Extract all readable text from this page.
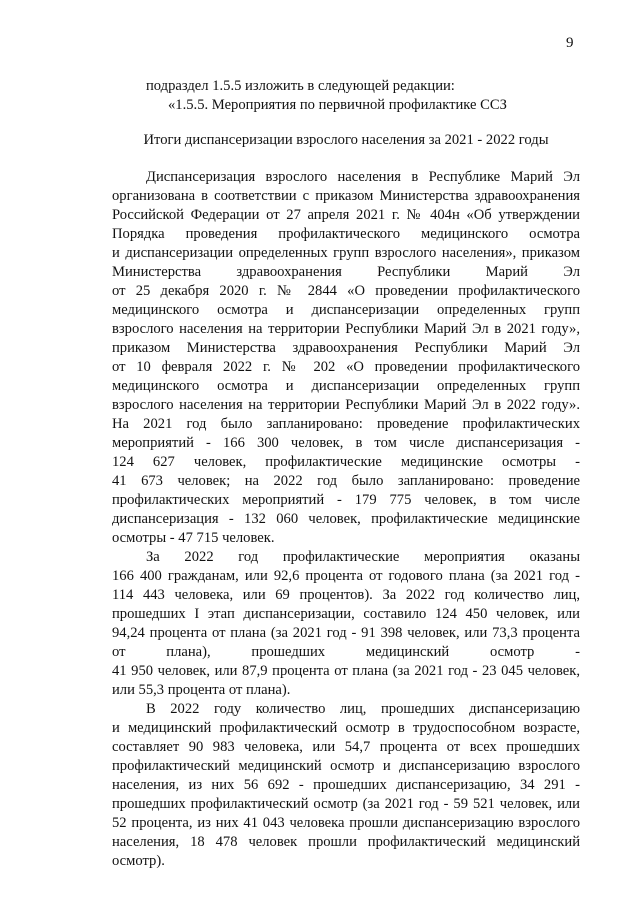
9
подраздел 1.5.5 изложить в следующей редакции:
«1.5.5. Мероприятия по первичной профилактике ССЗ
Итоги диспансеризации взрослого населения за 2021 - 2022 годы
Диспансеризация взрослого населения в Республике Марий Эл
организована в соответствии с приказом Министерства здравоохранения
Российской Федерации от 27 апреля 2021 г. № 404н «Об утверждении
Порядка проведения профилактического медицинского осмотра
и диспансеризации определенных групп взрослого населения», приказом
Министерства здравоохранения Республики Марий Эл
от 25 декабря 2020 г. № 2844 «О проведении профилактического
медицинского осмотра и диспансеризации определенных групп
взрослого населения на территории Республики Марий Эл в 2021 году»,
приказом Министерства здравоохранения Республики Марий Эл
от 10 февраля 2022 г. № 202 «О проведении профилактического
медицинского осмотра и диспансеризации определенных групп
взрослого населения на территории Республики Марий Эл в 2022 году».
На 2021 год было запланировано: проведение профилактических
мероприятий - 166 300 человек, в том числе диспансеризация -
124 627 человек, профилактические медицинские осмотры -
41 673 человек; на 2022 год было запланировано: проведение
профилактических мероприятий - 179 775 человек, в том числе
диспансеризация - 132 060 человек, профилактические медицинские
осмотры - 47 715 человек.
За 2022 год профилактические мероприятия оказаны
166 400 гражданам, или 92,6 процента от годового плана (за 2021 год -
114 443 человека, или 69 процентов). За 2022 год количество лиц,
прошедших I этап диспансеризации, составило 124 450 человек, или
94,24 процента от плана (за 2021 год - 91 398 человек, или 73,3 процента
от плана), прошедших медицинский осмотр -
41 950 человек, или 87,9 процента от плана (за 2021 год - 23 045 человек,
или 55,3 процента от плана).
В 2022 году количество лиц, прошедших диспансеризацию
и медицинский профилактический осмотр в трудоспособном возрасте,
составляет 90 983 человека, или 54,7 процента от всех прошедших
профилактический медицинский осмотр и диспансеризацию взрослого
населения, из них 56 692 - прошедших диспансеризацию, 34 291 -
прошедших профилактический осмотр (за 2021 год - 59 521 человек, или
52 процента, из них 41 043 человека прошли диспансеризацию взрослого
населения, 18 478 человек прошли профилактический медицинский
осмотр).
